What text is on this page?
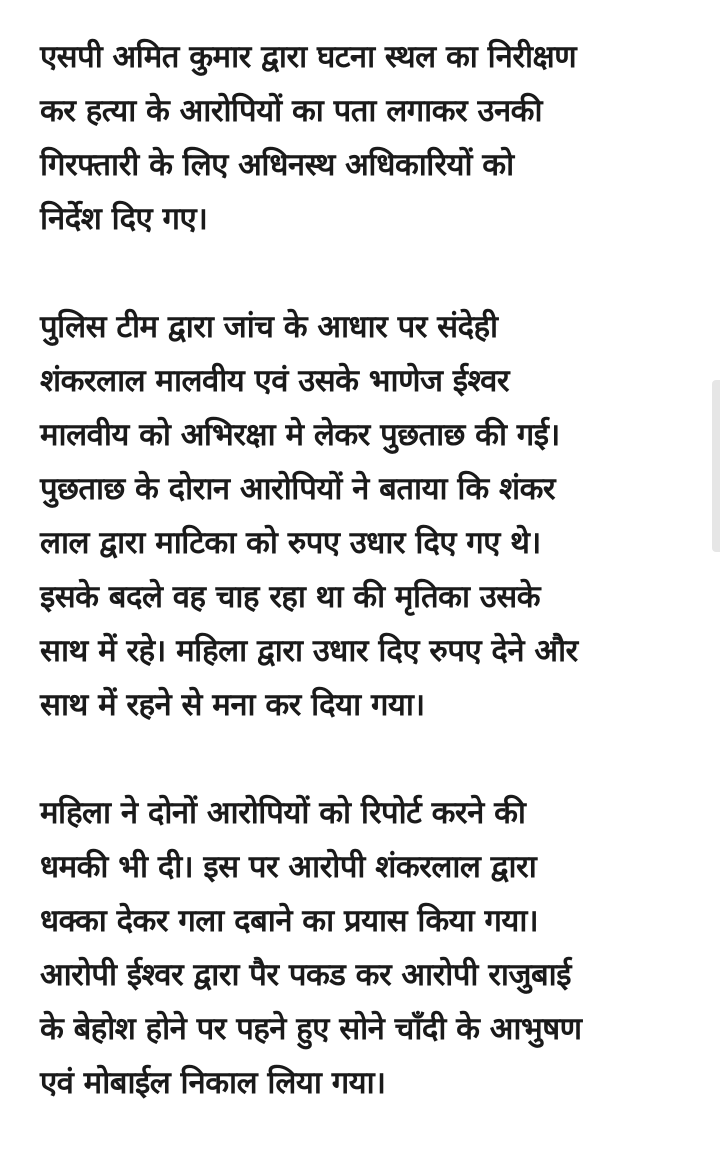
एसपी अमित कुमार द्वारा घटना स्थल का निरीक्षण
कर हत्या के आरोपियों का पता लगाकर उनकी
गिरफ्तारी के लिए अधिनस्थ अधिकारियों को
निर्देश दिए गए।

पुलिस टीम द्वारा जांच के आधार पर संदेही
शंकरलाल मालवीय एवं उसके भाणेज ईश्वर
मालवीय को अभिरक्षा मे लेकर पुछताछ की गई।
पुछताछ के दोरान आरोपियों ने बताया कि शंकर
लाल द्वारा माटिका को रुपए उधार दिए गए थे।
इसके बदले वह चाह रहा था की मृतिका उसके
साथ में रहे। महिला द्वारा उधार दिए रुपए देने और
साथ में रहने से मना कर दिया गया।

महिला ने दोनों आरोपियों को रिपोर्ट करने की
धमकी भी दी। इस पर आरोपी शंकरलाल द्वारा
धक्का देकर गला दबाने का प्रयास किया गया।
आरोपी ईश्वर द्वारा पैर पकड कर आरोपी राजुबाई
के बेहोश होने पर पहने हुए सोने चाँदी के आभुषण
एवं मोबाईल निकाल लिया गया।
